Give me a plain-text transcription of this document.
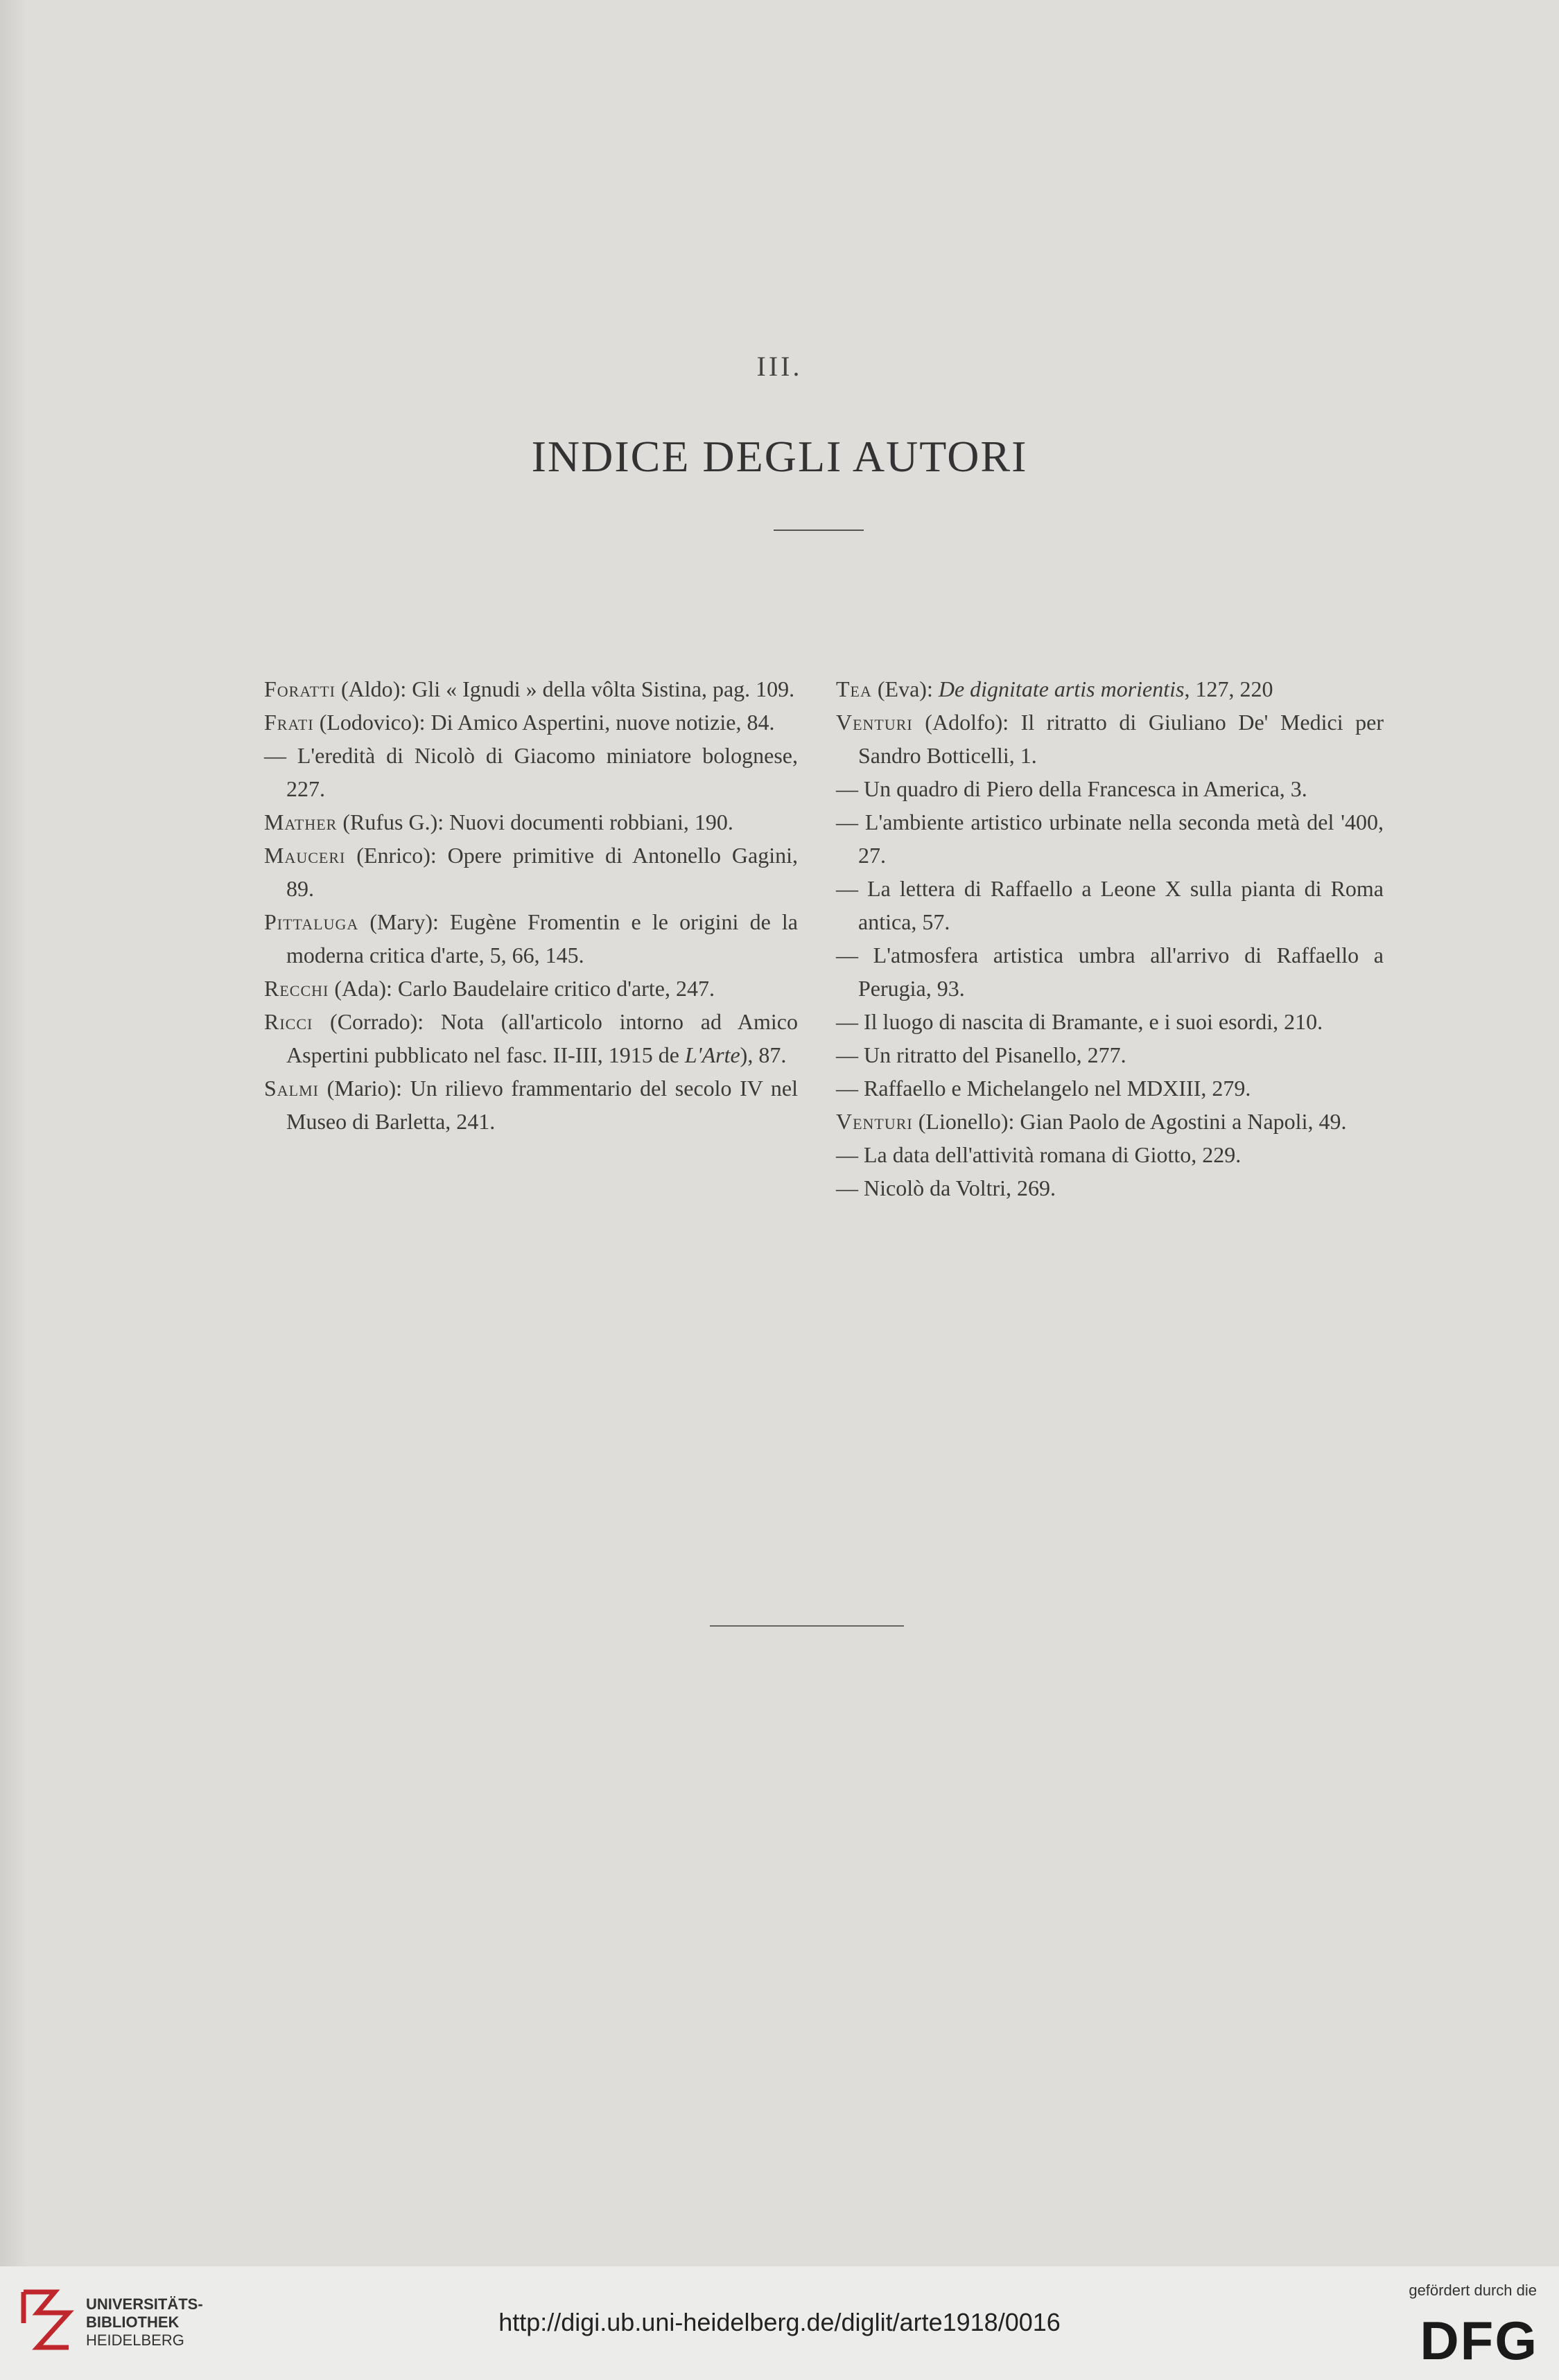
III.
INDICE DEGLI AUTORI
Foratti (Aldo): Gli « Ignudi » della vôlta Sistina, pag. 109.
Frati (Lodovico): Di Amico Aspertini, nuove notizie, 84.
— L'eredità di Nicolò di Giacomo miniatore bolognese, 227.
Mather (Rufus G.): Nuovi documenti robbiani, 190.
Mauceri (Enrico): Opere primitive di Antonello Gagini, 89.
Pittaluga (Mary): Eugène Fromentin e le origini de la moderna critica d'arte, 5, 66, 145.
Recchi (Ada): Carlo Baudelaire critico d'arte, 247.
Ricci (Corrado): Nota (all'articolo intorno ad Amico Aspertini pubblicato nel fasc. II-III, 1915 de L'Arte), 87.
Salmi (Mario): Un rilievo frammentario del secolo IV nel Museo di Barletta, 241.
Tea (Eva): De dignitate artis morientis, 127, 220
Venturi (Adolfo): Il ritratto di Giuliano De' Medici per Sandro Botticelli, 1.
— Un quadro di Piero della Francesca in America, 3.
— L'ambiente artistico urbinate nella seconda metà del '400, 27.
— La lettera di Raffaello a Leone X sulla pianta di Roma antica, 57.
— L'atmosfera artistica umbra all'arrivo di Raffaello a Perugia, 93.
— Il luogo di nascita di Bramante, e i suoi esordi, 210.
— Un ritratto del Pisanello, 277.
— Raffaello e Michelangelo nel MDXIII, 279.
Venturi (Lionello): Gian Paolo de Agostini a Napoli, 49.
— La data dell'attività romana di Giotto, 229.
— Nicolò da Voltri, 269.
UNIVERSITÄTS-
BIBLIOTHEK
HEIDELBERG
http://digi.ub.uni-heidelberg.de/diglit/arte1918/0016
gefördert durch die
DFG
